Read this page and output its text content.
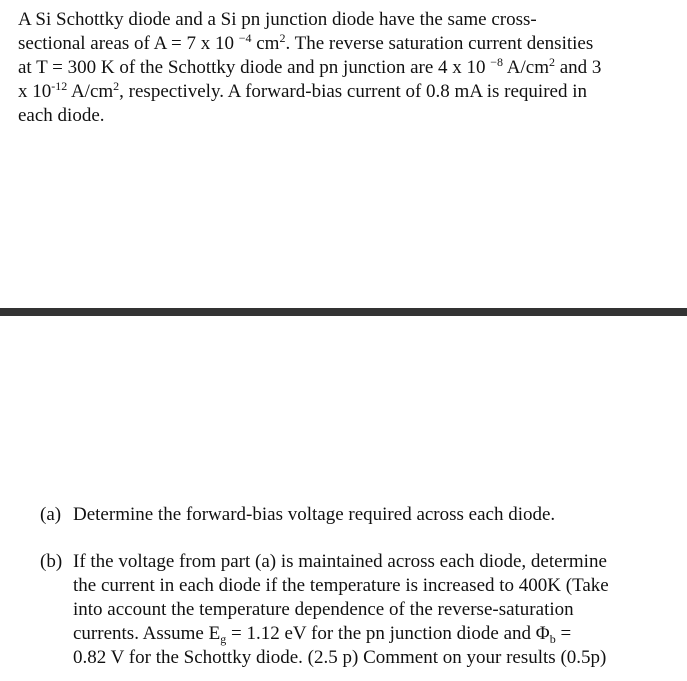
A Si Schottky diode and a Si pn junction diode have the same cross-
sectional areas of A = 7 x 10 $^{-4}$ $cm^2$. The reverse saturation current densities
at T = 300 K of the Schottky diode and pn junction are 4 x 10 $^{-8}$ $A/cm^2$ and 3
x $10^{-12}$ $A/cm^2$, respectively. A forward-bias current of 0.8 mA is required in
each diode.
(a) Determine the forward-bias voltage required across each diode.
(b) If the voltage from part (a) is maintained across each diode, determine
the current in each diode if the temperature is increased to 400K (Take
into account the temperature dependence of the reverse-saturation
currents. Assume $E_g = 1.12$ eV for the pn junction diode and $\Phi_b$ =
0.82 V for the Schottky diode. (2.5 p) Comment on your results (0.5p)
